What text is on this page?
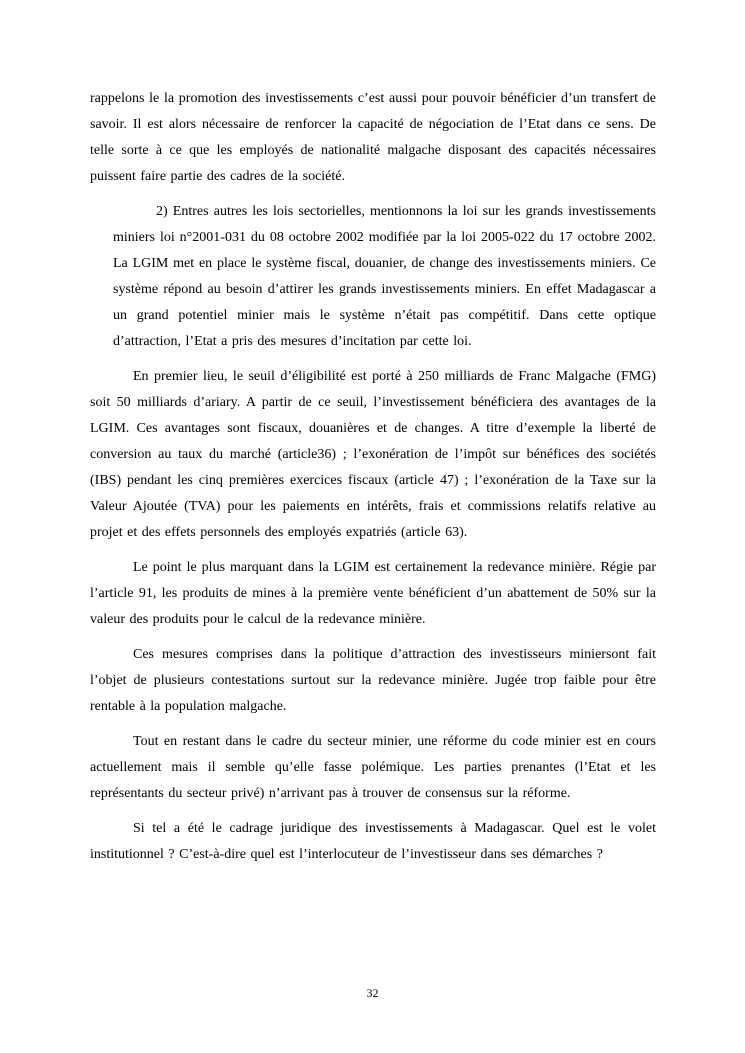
rappelons le la promotion des investissements c’est aussi pour pouvoir bénéficier d’un transfert de savoir. Il est alors nécessaire de renforcer la capacité de négociation de l’Etat dans ce sens. De telle sorte à ce que les employés de nationalité malgache disposant des capacités nécessaires puissent faire partie des cadres de la société.

2) Entres autres les lois sectorielles, mentionnons la loi sur les grands investissements miniers loi n°2001-031 du 08 octobre 2002 modifiée par la loi 2005-022 du 17 octobre 2002. La LGIM met en place le système fiscal, douanier, de change des investissements miniers. Ce système répond au besoin d’attirer les grands investissements miniers. En effet Madagascar a un grand potentiel minier mais le système n’était pas compétitif. Dans cette optique d’attraction, l’Etat a pris des mesures d’incitation par cette loi.

En premier lieu, le seuil d’éligibilité est porté à 250 milliards de Franc Malgache (FMG) soit 50 milliards d’ariary. A partir de ce seuil, l’investissement bénéficiera des avantages de la LGIM. Ces avantages sont fiscaux, douanières et de changes. A titre d’exemple la liberté de conversion au taux du marché (article36) ; l’exonération de l’impôt sur bénéfices des sociétés (IBS) pendant les cinq premières exercices fiscaux (article 47) ; l’exonération de la Taxe sur la Valeur Ajoutée (TVA) pour les paiements en intérêts, frais et commissions relatifs relative au projet et des effets personnels des employés expatriés (article 63).

Le point le plus marquant dans la LGIM est certainement la redevance minière. Régie par l’article 91, les produits de mines à la première vente bénéficient d’un abattement de 50% sur la valeur des produits pour le calcul de la redevance minière.

Ces mesures comprises dans la politique d’attraction des investisseurs miniersont fait l’objet de plusieurs contestations surtout sur la redevance minière. Jugée trop faible pour être rentable à la population malgache.

Tout en restant dans le cadre du secteur minier, une réforme du code minier est en cours actuellement mais il semble qu’elle fasse polémique. Les parties prenantes (l’Etat et les représentants du secteur privé) n’arrivant pas à trouver de consensus sur la réforme.

Si tel a été le cadrage juridique des investissements à Madagascar. Quel est le volet institutionnel ? C’est-à-dire quel est l’interlocuteur de l’investisseur dans ses démarches ?

32
